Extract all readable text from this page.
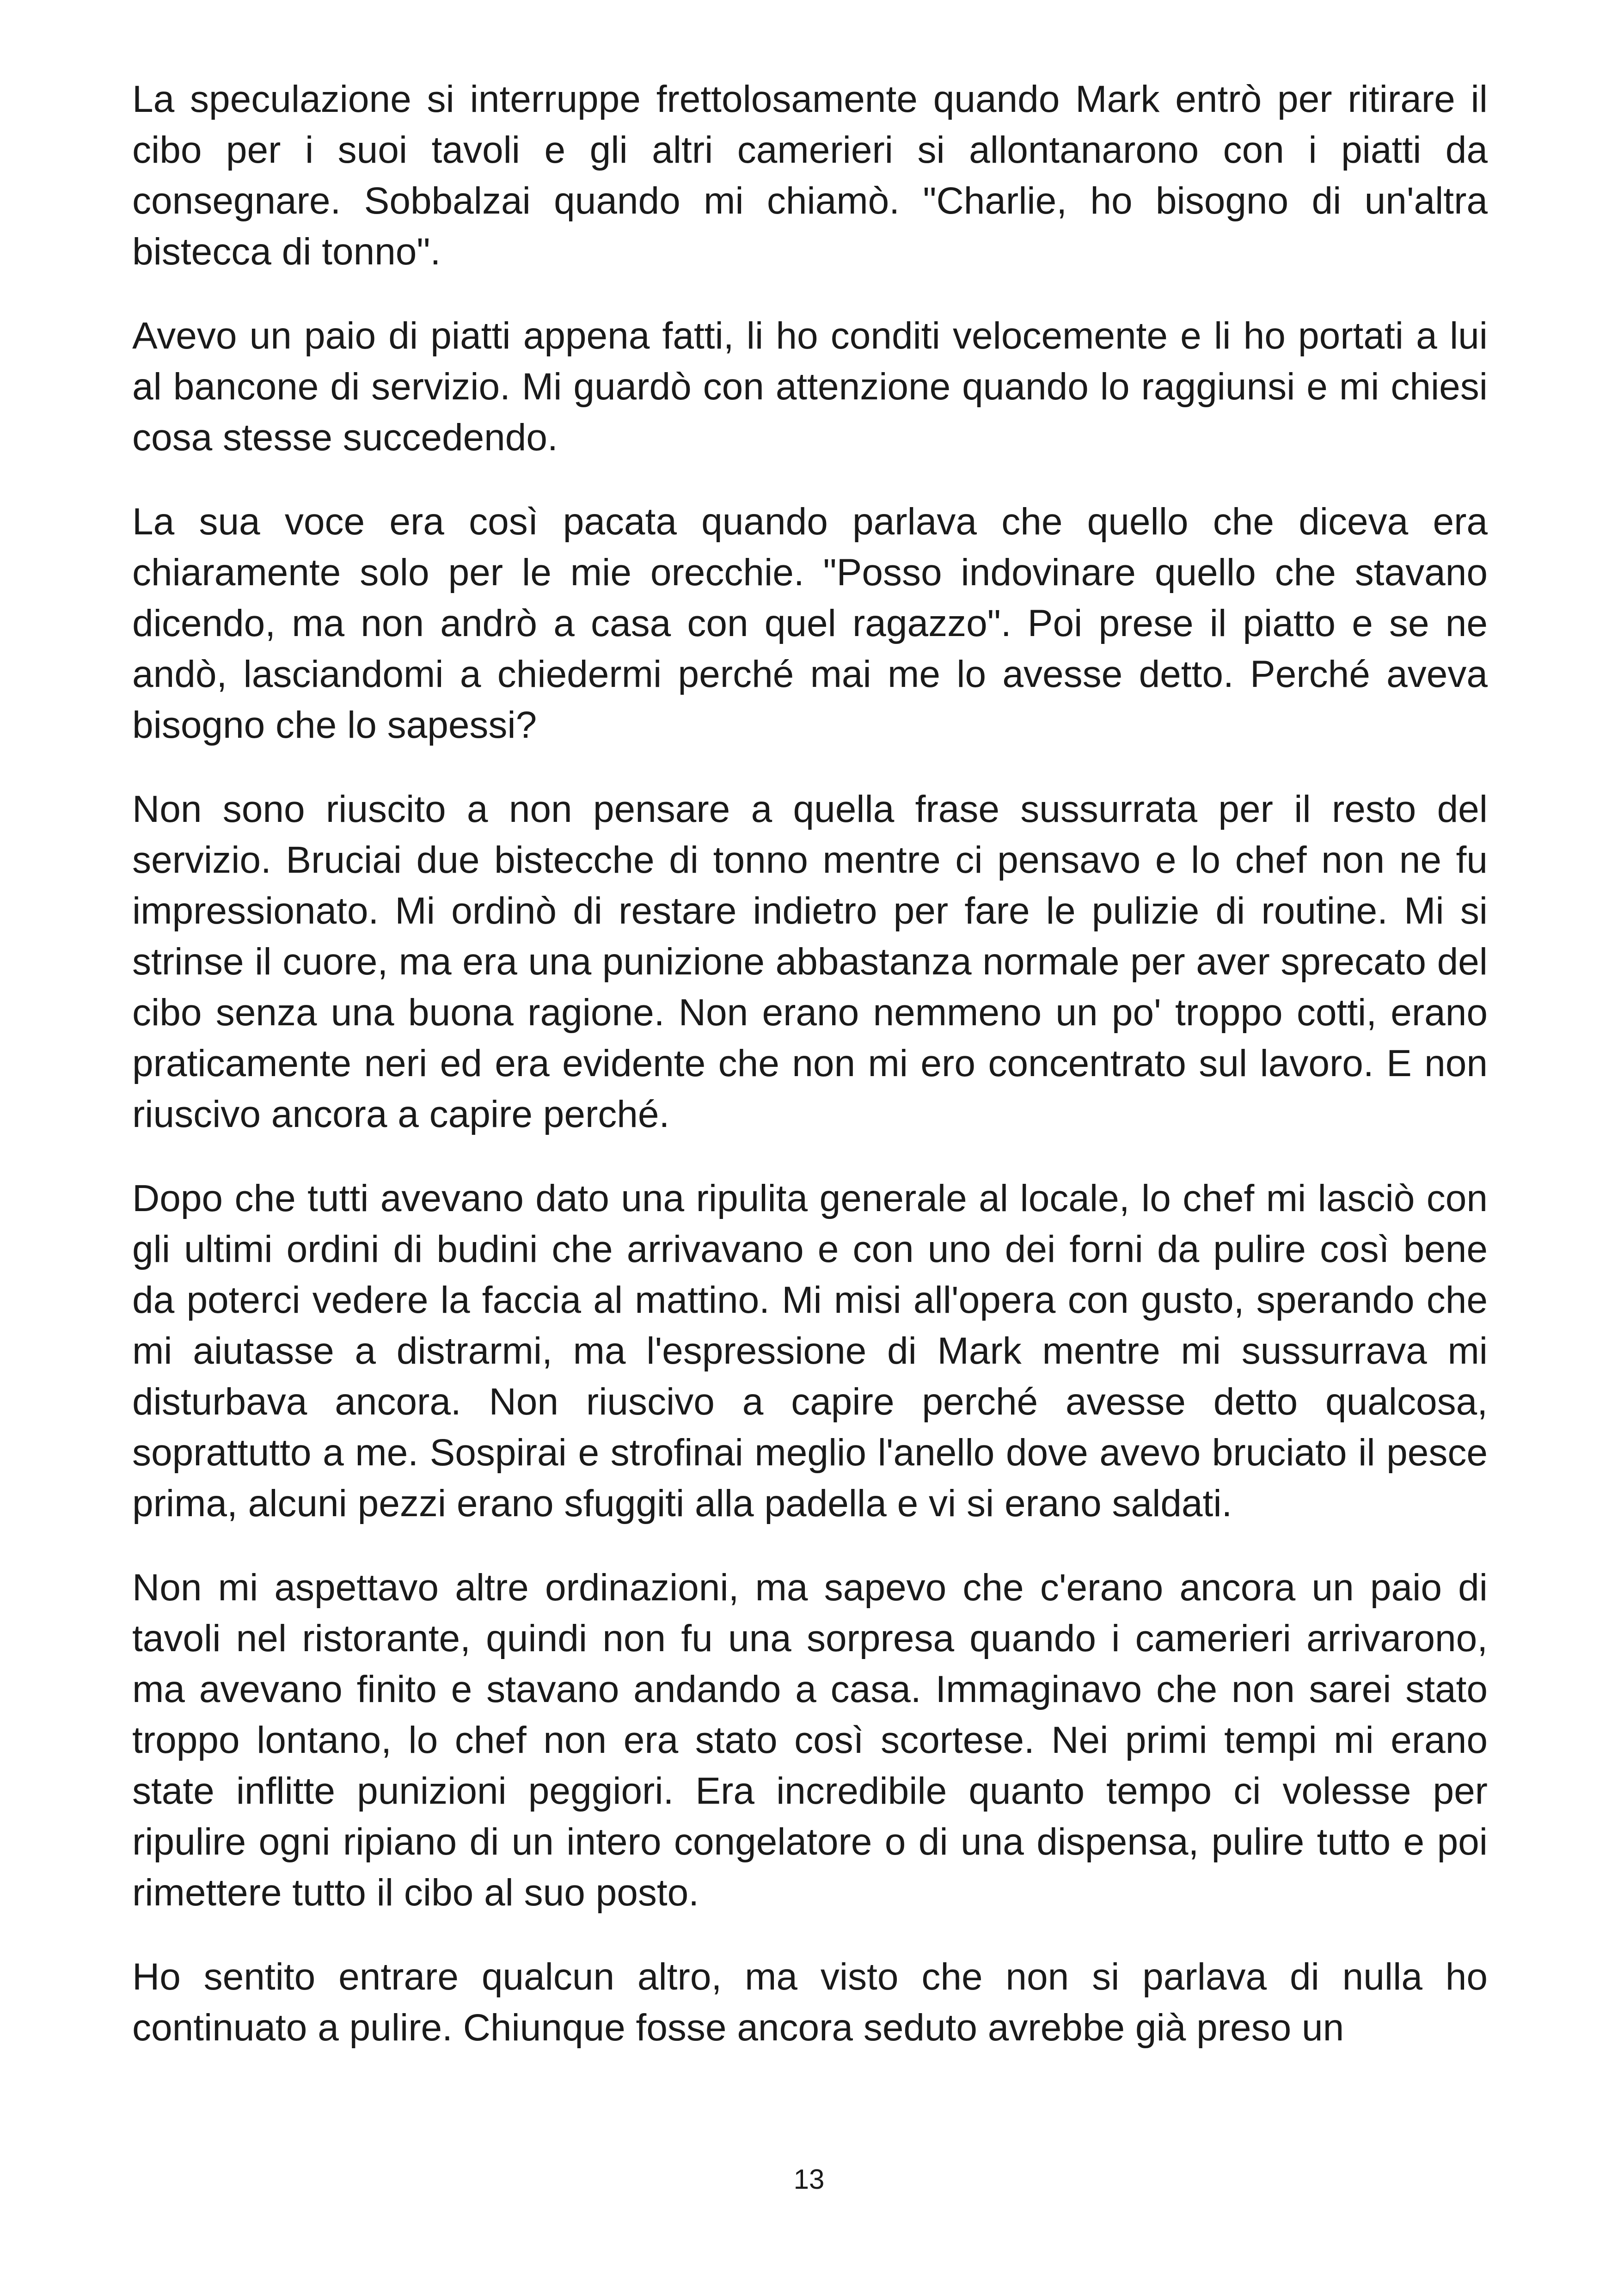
La speculazione si interruppe frettolosamente quando Mark entrò per ritirare il cibo per i suoi tavoli e gli altri camerieri si allontanarono con i piatti da consegnare. Sobbalzai quando mi chiamò. "Charlie, ho bisogno di un'altra bistecca di tonno".

Avevo un paio di piatti appena fatti, li ho conditi velocemente e li ho portati a lui al bancone di servizio. Mi guardò con attenzione quando lo raggiunsi e mi chiesi cosa stesse succedendo.

La sua voce era così pacata quando parlava che quello che diceva era chiaramente solo per le mie orecchie. "Posso indovinare quello che stavano dicendo, ma non andrò a casa con quel ragazzo". Poi prese il piatto e se ne andò, lasciandomi a chiedermi perché mai me lo avesse detto. Perché aveva bisogno che lo sapessi?

Non sono riuscito a non pensare a quella frase sussurrata per il resto del servizio. Bruciai due bistecche di tonno mentre ci pensavo e lo chef non ne fu impressionato. Mi ordinò di restare indietro per fare le pulizie di routine. Mi si strinse il cuore, ma era una punizione abbastanza normale per aver sprecato del cibo senza una buona ragione. Non erano nemmeno un po' troppo cotti, erano praticamente neri ed era evidente che non mi ero concentrato sul lavoro. E non riuscivo ancora a capire perché.

Dopo che tutti avevano dato una ripulita generale al locale, lo chef mi lasciò con gli ultimi ordini di budini che arrivavano e con uno dei forni da pulire così bene da poterci vedere la faccia al mattino. Mi misi all'opera con gusto, sperando che mi aiutasse a distrarmi, ma l'espressione di Mark mentre mi sussurrava mi disturbava ancora. Non riuscivo a capire perché avesse detto qualcosa, soprattutto a me. Sospirai e strofinai meglio l'anello dove avevo bruciato il pesce prima, alcuni pezzi erano sfuggiti alla padella e vi si erano saldati.

Non mi aspettavo altre ordinazioni, ma sapevo che c'erano ancora un paio di tavoli nel ristorante, quindi non fu una sorpresa quando i camerieri arrivarono, ma avevano finito e stavano andando a casa. Immaginavo che non sarei stato troppo lontano, lo chef non era stato così scortese. Nei primi tempi mi erano state inflitte punizioni peggiori. Era incredibile quanto tempo ci volesse per ripulire ogni ripiano di un intero congelatore o di una dispensa, pulire tutto e poi rimettere tutto il cibo al suo posto.

Ho sentito entrare qualcun altro, ma visto che non si parlava di nulla ho continuato a pulire. Chiunque fosse ancora seduto avrebbe già preso un

13
